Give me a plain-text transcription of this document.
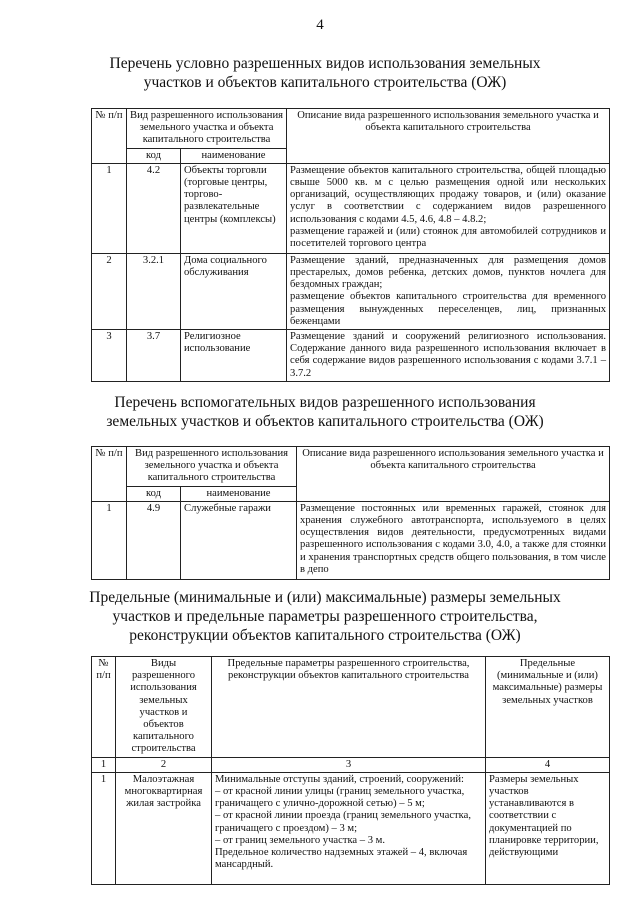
4
Перечень условно разрешенных видов использования земельных участков и объектов капитального строительства (ОЖ)
№ п/п	Вид разрешенного использования земельного участка и объекта капитального строительства		Описание вида разрешенного использования земельного участка и объекта капитального строительства
	код	наименование	
1	4.2	Объекты торговли (торговые центры, торгово-развлекательные центры (комплексы)	Размещение объектов капитального строительства, общей площадью свыше 5000 кв. м с целью размещения одной или нескольких организаций, осуществляющих продажу товаров, и (или) оказание услуг в соответствии с содержанием видов разрешенного использования с кодами 4.5, 4.6, 4.8 – 4.8.2;
размещение гаражей и (или) стоянок для автомобилей сотрудников и посетителей торгового центра

2	3.2.1	Дома социального обслуживания	Размещение зданий, предназначенных для размещения домов престарелых, домов ребенка, детских домов, пунктов ночлега для бездомных граждан;
размещение объектов капитального строительства для временного размещения вынужденных переселенцев, лиц, признанных беженцами

3	3.7	Религиозное использование	Размещение зданий и сооружений религиозного использования. Содержание данного вида разрешенного использования включает в себя содержание видов разрешенного использования с кодами 3.7.1 – 3.7.2
Перечень вспомогательных видов разрешенного использования земельных участков и объектов капитального строительства (ОЖ)
№ п/п	Вид разрешенного использования земельного участка и объекта капитального строительства		Описание вида разрешенного использования земельного участка и объекта капитального строительства
	код	наименование	
1	4.9	Служебные гаражи	Размещение постоянных или временных гаражей, стоянок для хранения служебного автотранспорта, используемого в целях осуществления видов деятельности, предусмотренных видами разрешенного использования с кодами 3.0, 4.0, а также для стоянки и хранения транспортных средств общего пользования, в том числе в депо
Предельные (минимальные и (или) максимальные) размеры земельных участков и предельные параметры разрешенного строительства, реконструкции объектов капитального строительства (ОЖ)
№ п/п	Виды разрешенного использования земельных участков и объектов капитального строительства	Предельные параметры разрешенного строительства, реконструкции объектов капитального строительства	Предельные (минимальные и (или) максимальные) размеры земельных участков
1	2	3	4
1	Малоэтажная многоквартирная жилая застройка	Минимальные отступы зданий, строений, сооружений:
– от красной линии улицы (границ земельного участка, граничащего с улично-дорожной сетью) – 5 м;
– от красной линии проезда (границ земельного участка, граничащего с проездом) – 3 м;
– от границ земельного участка – 3 м.
Предельное количество надземных этажей – 4, включая мансардный.	Размеры земельных участков устанавливаются в соответствии с документацией по планировке территории, действующими
